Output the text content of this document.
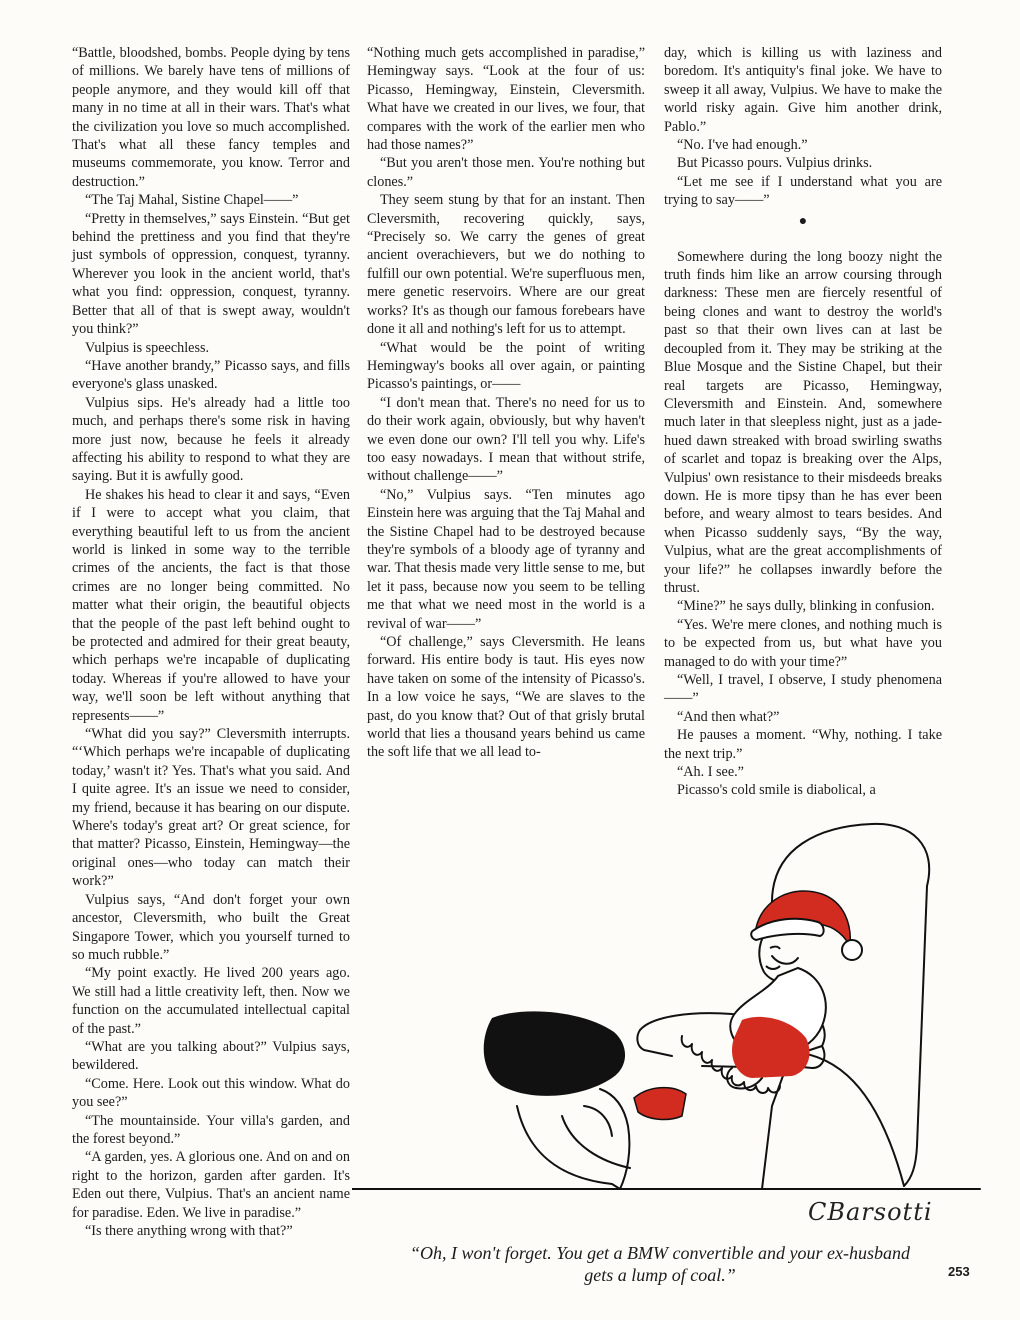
“Battle, bloodshed, bombs. People dying by tens of millions. We barely have tens of millions of people anymore, and they would kill off that many in no time at all in their wars. That's what the civilization you love so much accomplished. That's what all these fancy temples and museums commemorate, you know. Terror and destruction.”

“The Taj Mahal, Sistine Chapel——”

“Pretty in themselves,” says Einstein. “But get behind the prettiness and you find that they're just symbols of oppression, conquest, tyranny. Wherever you look in the ancient world, that's what you find: oppression, conquest, tyranny. Better that all of that is swept away, wouldn't you think?”

Vulpius is speechless.

“Have another brandy,” Picasso says, and fills everyone's glass unasked.

Vulpius sips. He's already had a little too much, and perhaps there's some risk in having more just now, because he feels it already affecting his ability to respond to what they are saying. But it is awfully good.

He shakes his head to clear it and says, “Even if I were to accept what you claim, that everything beautiful left to us from the ancient world is linked in some way to the terrible crimes of the ancients, the fact is that those crimes are no longer being committed. No matter what their origin, the beautiful objects that the people of the past left behind ought to be protected and admired for their great beauty, which perhaps we're incapable of duplicating today. Whereas if you're allowed to have your way, we'll soon be left without anything that represents——”

“What did you say?” Cleversmith interrupts. “‘Which perhaps we're incapable of duplicating today,’ wasn't it? Yes. That's what you said. And I quite agree. It's an issue we need to consider, my friend, because it has bearing on our dispute. Where's today's great art? Or great science, for that matter? Picasso, Einstein, Hemingway—the original ones—who today can match their work?”

Vulpius says, “And don't forget your own ancestor, Cleversmith, who built the Great Singapore Tower, which you yourself turned to so much rubble.”

“My point exactly. He lived 200 years ago. We still had a little creativity left, then. Now we function on the accumulated intellectual capital of the past.”

“What are you talking about?” Vulpius says, bewildered.

“Come. Here. Look out this window. What do you see?”

“The mountainside. Your villa's garden, and the forest beyond.”

“A garden, yes. A glorious one. And on and on right to the horizon, garden after garden. It's Eden out there, Vulpius. That's an ancient name for paradise. Eden. We live in paradise.”

“Is there anything wrong with that?”

“Nothing much gets accomplished in paradise,” Hemingway says. “Look at the four of us: Picasso, Hemingway, Einstein, Cleversmith. What have we created in our lives, we four, that compares with the work of the earlier men who had those names?”

“But you aren't those men. You're nothing but clones.”

They seem stung by that for an instant. Then Cleversmith, recovering quickly, says, “Precisely so. We carry the genes of great ancient overachievers, but we do nothing to fulfill our own potential. We're superfluous men, mere genetic reservoirs. Where are our great works? It's as though our famous forebears have done it all and nothing's left for us to attempt.

“What would be the point of writing Hemingway's books all over again, or painting Picasso's paintings, or——

“I don't mean that. There's no need for us to do their work again, obviously, but why haven't we even done our own? I'll tell you why. Life's too easy nowadays. I mean that without strife, without challenge——”

“No,” Vulpius says. “Ten minutes ago Einstein here was arguing that the Taj Mahal and the Sistine Chapel had to be destroyed because they're symbols of a bloody age of tyranny and war. That thesis made very little sense to me, but let it pass, because now you seem to be telling me that what we need most in the world is a revival of war——”

“Of challenge,” says Cleversmith. He leans forward. His entire body is taut. His eyes now have taken on some of the intensity of Picasso's. In a low voice he says, “We are slaves to the past, do you know that? Out of that grisly brutal world that lies a thousand years behind us came the soft life that we all lead to-

day, which is killing us with laziness and boredom. It's antiquity's final joke. We have to sweep it all away, Vulpius. We have to make the world risky again. Give him another drink, Pablo.”

“No. I've had enough.”

But Picasso pours. Vulpius drinks.

“Let me see if I understand what you are trying to say——”

●

Somewhere during the long boozy night the truth finds him like an arrow coursing through darkness: These men are fiercely resentful of being clones and want to destroy the world's past so that their own lives can at last be decoupled from it. They may be striking at the Blue Mosque and the Sistine Chapel, but their real targets are Picasso, Hemingway, Cleversmith and Einstein. And, somewhere much later in that sleepless night, just as a jade-hued dawn streaked with broad swirling swaths of scarlet and topaz is breaking over the Alps, Vulpius' own resistance to their misdeeds breaks down. He is more tipsy than he has ever been before, and weary almost to tears besides. And when Picasso suddenly says, “By the way, Vulpius, what are the great accomplishments of your life?” he collapses inwardly before the thrust.

“Mine?” he says dully, blinking in confusion.

“Yes. We're mere clones, and nothing much is to be expected from us, but what have you managed to do with your time?”

“Well, I travel, I observe, I study phenomena——”

“And then what?”

He pauses a moment. “Why, nothing. I take the next trip.”

“Ah. I see.”

Picasso's cold smile is diabolical, a

CBarsotti
“Oh, I won't forget. You get a BMW convertible and your ex-husband gets a lump of coal.”	253
